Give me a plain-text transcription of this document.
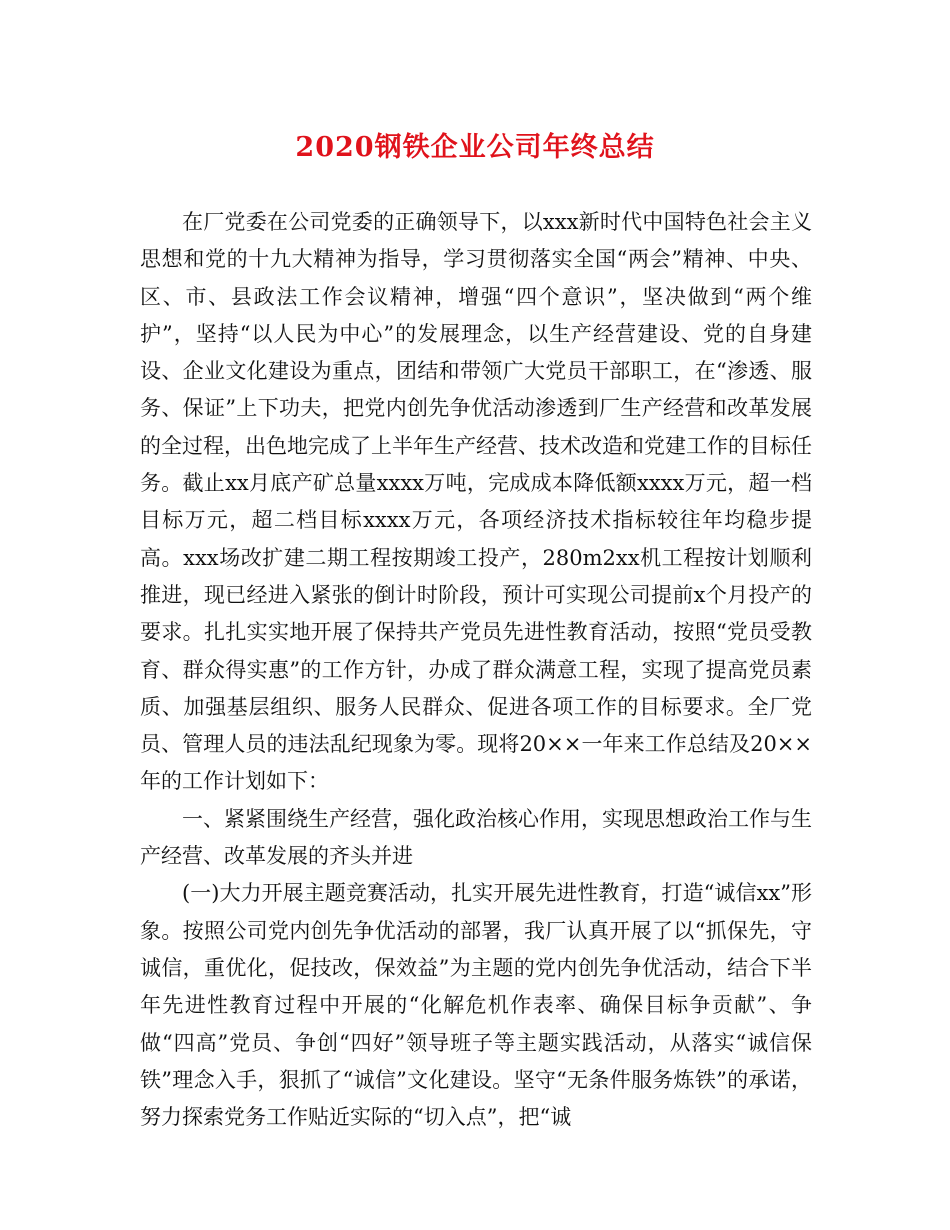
2020钢铁企业公司年终总结

在厂党委在公司党委的正确领导下，以xxx新时代中国特色社会主义思想和党的十九大精神为指导，学习贯彻落实全国“两会”精神、中央、区、市、县政法工作会议精神，增强“四个意识”，坚决做到“两个维护”，坚持“以人民为中心”的发展理念，以生产经营建设、党的自身建设、企业文化建设为重点，团结和带领广大党员干部职工，在“渗透、服务、保证”上下功夫，把党内创先争优活动渗透到厂生产经营和改革发展的全过程，出色地完成了上半年生产经营、技术改造和党建工作的目标任务。截止xx月底产矿总量xxxx万吨，完成成本降低额xxxx万元，超一档目标万元，超二档目标xxxx万元，各项经济技术指标较往年均稳步提高。xxx场改扩建二期工程按期竣工投产，280m2xx机工程按计划顺利推进，现已经进入紧张的倒计时阶段，预计可实现公司提前x个月投产的要求。扎扎实实地开展了保持共产党员先进性教育活动，按照“党员受教育、群众得实惠”的工作方针，办成了群众满意工程，实现了提高党员素质、加强基层组织、服务人民群众、促进各项工作的目标要求。全厂党员、管理人员的违法乱纪现象为零。现将20××一年来工作总结及20××年的工作计划如下：

一、紧紧围绕生产经营，强化政治核心作用，实现思想政治工作与生产经营、改革发展的齐头并进

(一)大力开展主题竞赛活动，扎实开展先进性教育，打造“诚信xx”形象。按照公司党内创先争优活动的部署，我厂认真开展了以“抓保先，守诚信，重优化，促技改，保效益”为主题的党内创先争优活动，结合下半年先进性教育过程中开展的“化解危机作表率、确保目标争贡献”、争做“四高”党员、争创“四好”领导班子等主题实践活动，从落实“诚信保铁”理念入手，狠抓了“诚信”文化建设。坚守“无条件服务炼铁”的承诺，努力探索党务工作贴近实际的“切入点”，把“诚
